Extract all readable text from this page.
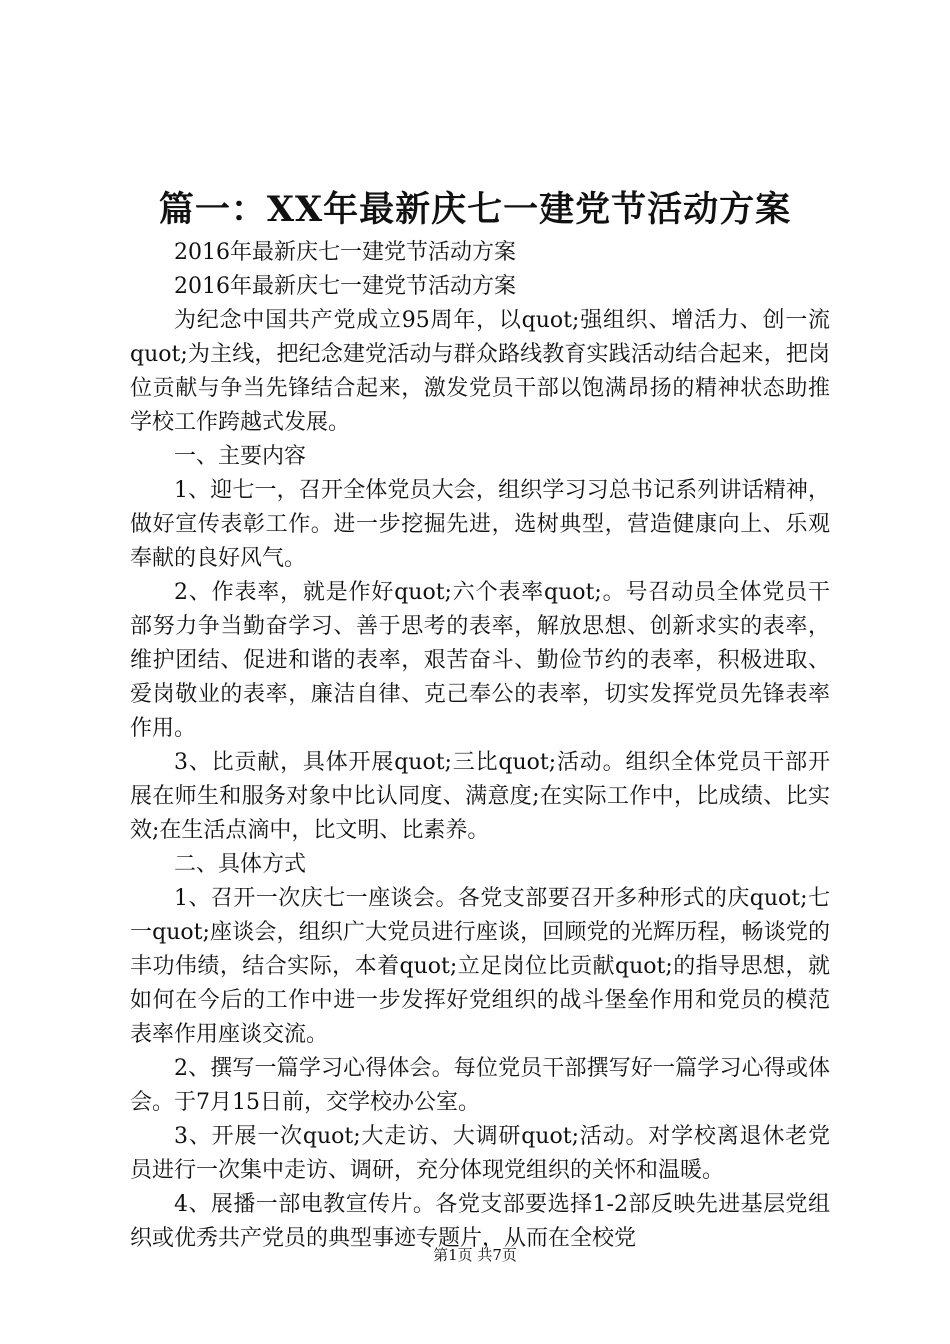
篇一：XX年最新庆七一建党节活动方案

2016年最新庆七一建党节活动方案

2016年最新庆七一建党节活动方案

为纪念中国共产党成立95周年，以quot;强组织、增活力、创一流quot;为主线，把纪念建党活动与群众路线教育实践活动结合起来，把岗位贡献与争当先锋结合起来，激发党员干部以饱满昂扬的精神状态助推学校工作跨越式发展。

一、主要内容

1、迎七一，召开全体党员大会，组织学习习总书记系列讲话精神，做好宣传表彰工作。进一步挖掘先进，选树典型，营造健康向上、乐观奉献的良好风气。

2、作表率，就是作好quot;六个表率quot;。号召动员全体党员干部努力争当勤奋学习、善于思考的表率，解放思想、创新求实的表率，维护团结、促进和谐的表率，艰苦奋斗、勤俭节约的表率，积极进取、爱岗敬业的表率，廉洁自律、克己奉公的表率，切实发挥党员先锋表率作用。

3、比贡献，具体开展quot;三比quot;活动。组织全体党员干部开展在师生和服务对象中比认同度、满意度;在实际工作中，比成绩、比实效;在生活点滴中，比文明、比素养。

二、具体方式

1、召开一次庆七一座谈会。各党支部要召开多种形式的庆quot;七一quot;座谈会，组织广大党员进行座谈，回顾党的光辉历程，畅谈党的丰功伟绩，结合实际，本着quot;立足岗位比贡献quot;的指导思想，就如何在今后的工作中进一步发挥好党组织的战斗堡垒作用和党员的模范表率作用座谈交流。

2、撰写一篇学习心得体会。每位党员干部撰写好一篇学习心得或体会。于7月15日前，交学校办公室。

3、开展一次quot;大走访、大调研quot;活动。对学校离退休老党员进行一次集中走访、调研，充分体现党组织的关怀和温暖。

4、展播一部电教宣传片。各党支部要选择1-2部反映先进基层党组织或优秀共产党员的典型事迹专题片，从而在全校党

第1页 共7页
